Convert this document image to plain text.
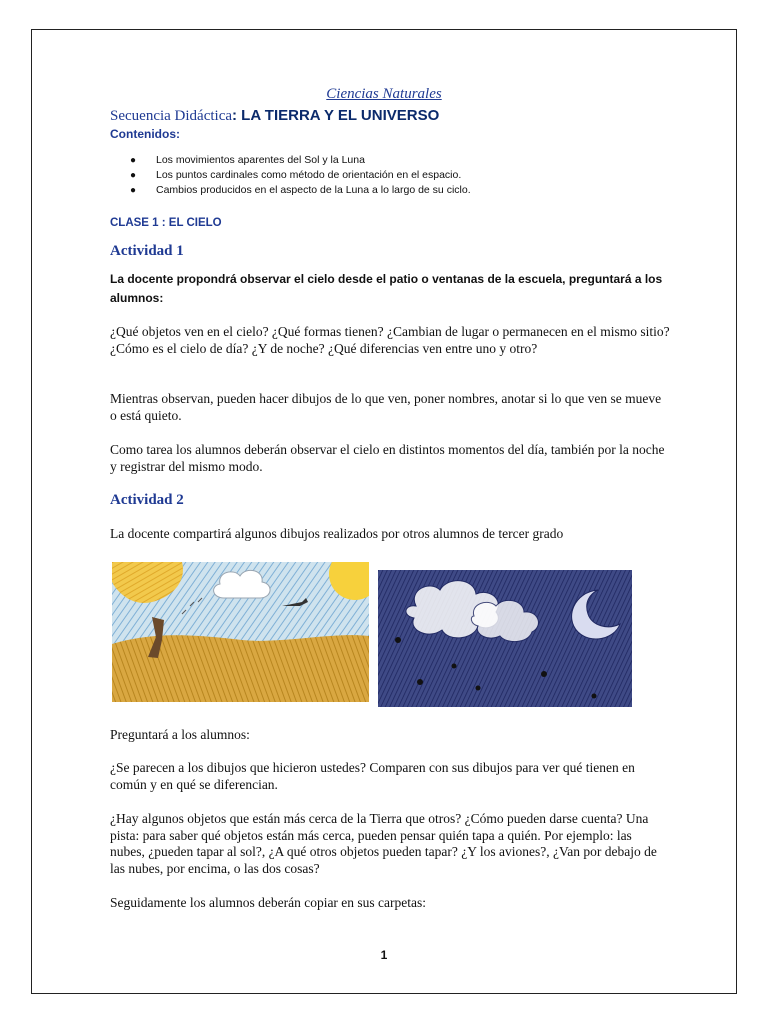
Ciencias Naturales
Secuencia Didáctica: LA TIERRA Y EL UNIVERSO
Contenidos:
●	Los movimientos aparentes del Sol y la Luna
●	Los puntos cardinales como método de orientación en el espacio.
●	Cambios producidos en el aspecto de la Luna a lo largo de su ciclo.
CLASE 1 : EL CIELO
Actividad 1
La docente propondrá observar el cielo desde el patio o ventanas de la escuela, preguntará a los alumnos:
¿Qué objetos ven en el cielo? ¿Qué formas tienen? ¿Cambian de lugar o permanecen en el mismo sitio? ¿Cómo es el cielo de día? ¿Y de noche? ¿Qué diferencias ven entre uno y otro?
Mientras observan, pueden hacer dibujos de lo que ven, poner nombres, anotar si lo que ven se mueve o está quieto.
Como tarea los alumnos deberán observar el cielo en distintos momentos del día, también por la noche y registrar del mismo modo.
Actividad 2
La docente compartirá algunos dibujos realizados por otros alumnos de tercer grado
Preguntará a los alumnos:
¿Se parecen a los dibujos que hicieron ustedes? Comparen con sus dibujos para ver qué tienen en común y en qué se diferencian.
¿Hay algunos objetos que están más cerca de la Tierra que otros? ¿Cómo pueden darse cuenta? Una pista: para saber qué objetos están más cerca, pueden pensar quién tapa a quién. Por ejemplo: las nubes, ¿pueden tapar al sol?, ¿A qué otros objetos pueden tapar? ¿Y los aviones?, ¿Van por debajo de las nubes, por encima, o las dos cosas?
Seguidamente los alumnos deberán copiar en sus carpetas:
1
